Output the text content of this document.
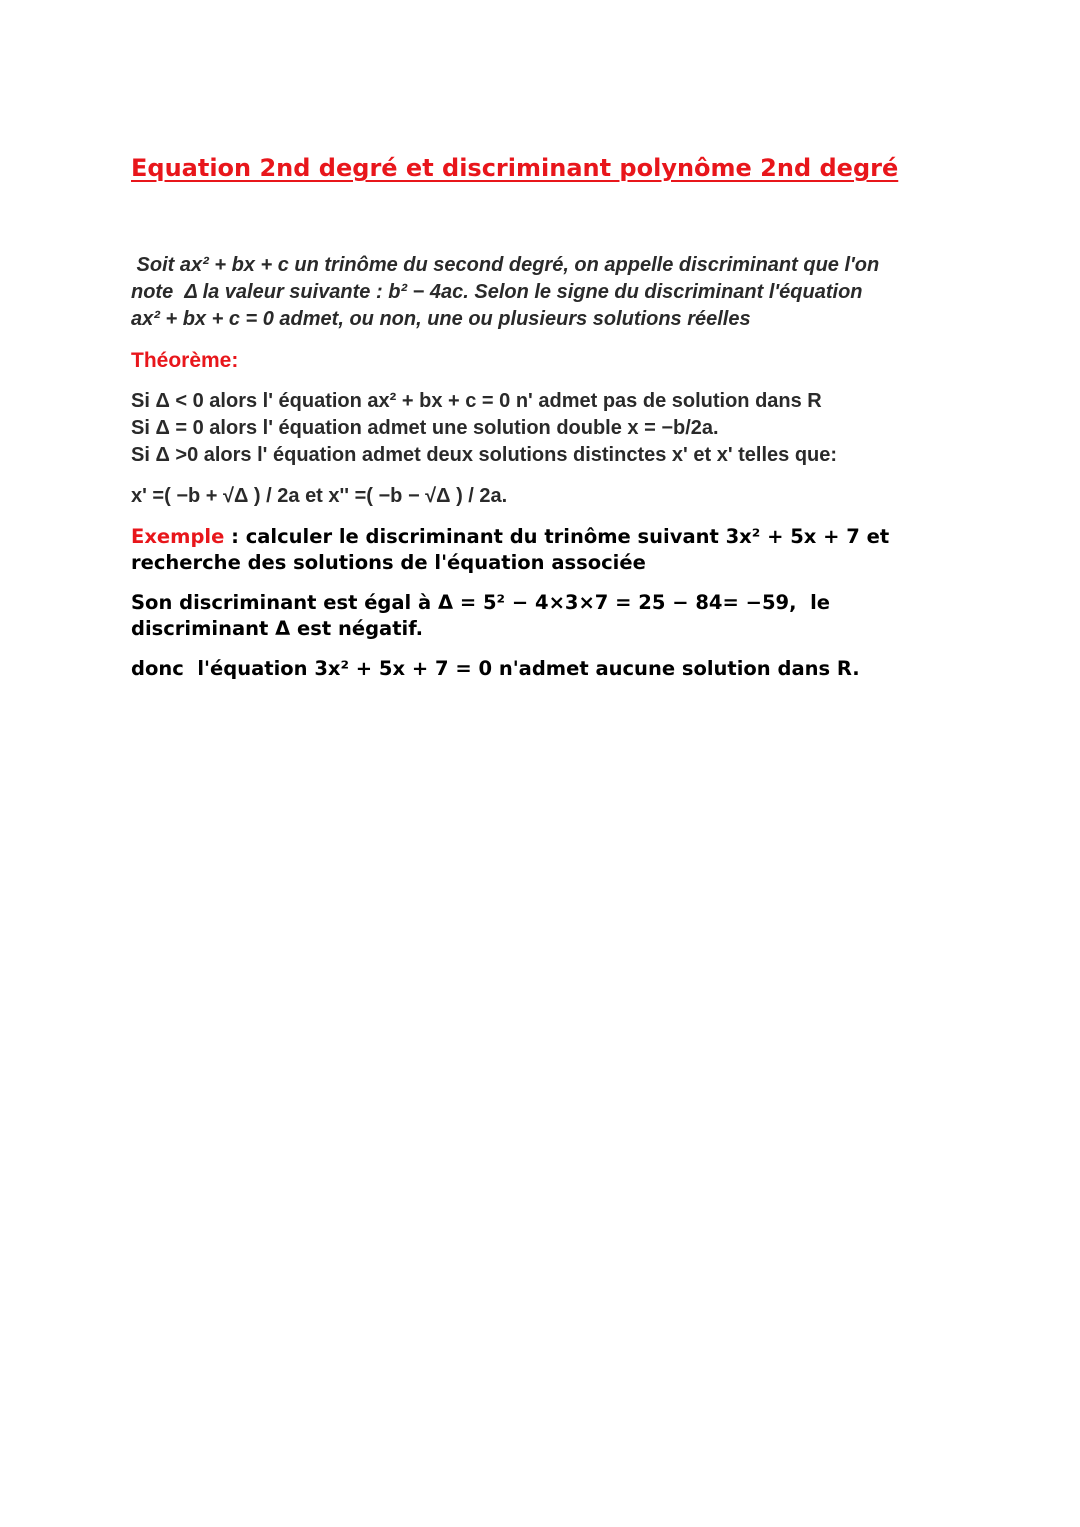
Equation 2nd degré et discriminant polynôme 2nd degré
Soit ax² + bx + c un trinôme du second degré, on appelle discriminant que l'on
note  Δ la valeur suivante : b² − 4ac. Selon le signe du discriminant l'équation
ax² + bx + c = 0 admet, ou non, une ou plusieurs solutions réelles
Théorème:
Si Δ < 0 alors l' équation ax² + bx + c = 0 n' admet pas de solution dans R
Si Δ = 0 alors l' équation admet une solution double x = −b/2a.
Si Δ >0 alors l' équation admet deux solutions distinctes x' et x' telles que:
x' =( −b + √Δ ) / 2a et x'' =( −b − √Δ ) / 2a.
Exemple : calculer le discriminant du trinôme suivant 3x² + 5x + 7 et recherche des solutions de l'équation associée
Son discriminant est égal à Δ = 5² − 4×3×7 = 25 − 84= −59,  le discriminant Δ est négatif.
donc  l'équation 3x² + 5x + 7 = 0 n'admet aucune solution dans R.
